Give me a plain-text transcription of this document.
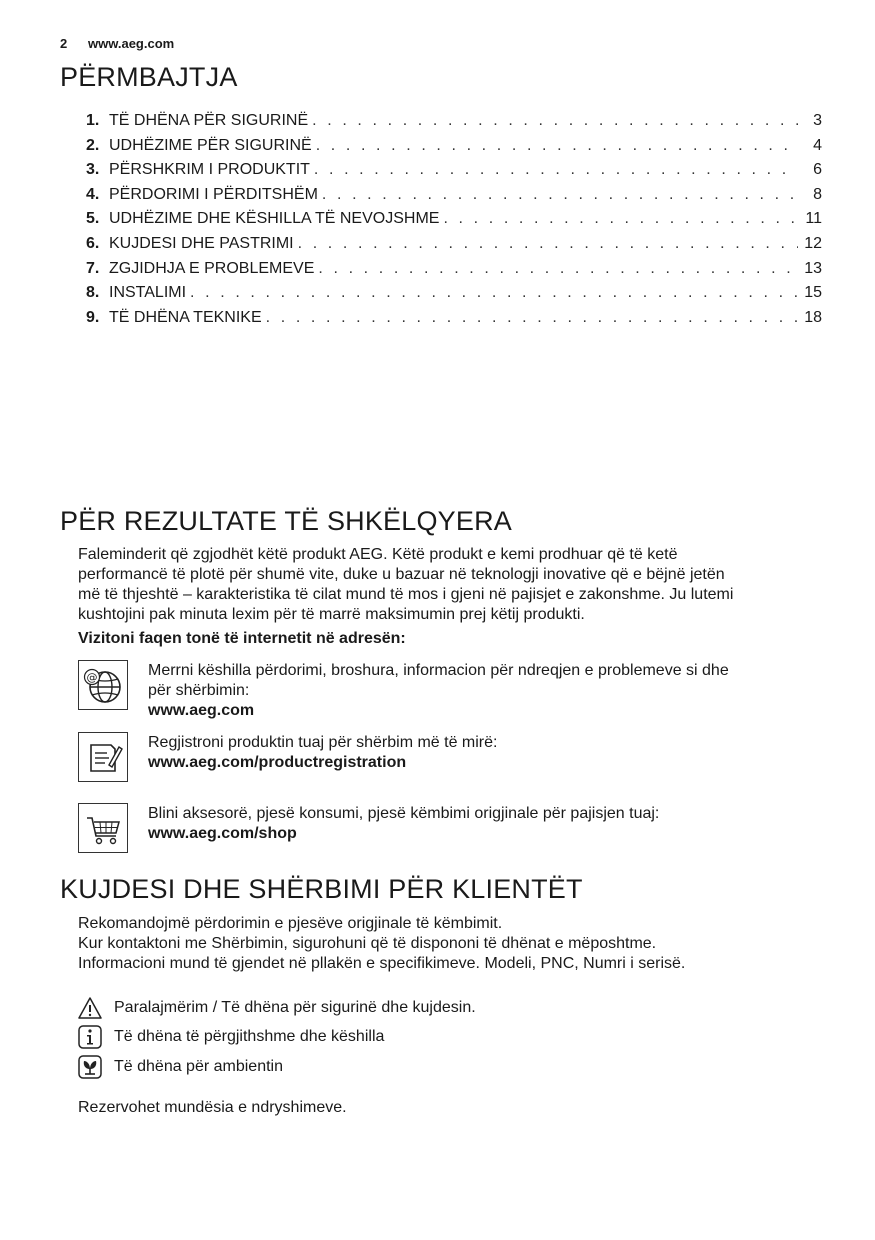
2 www.aeg.com
PËRMBAJTJA
1. TË DHËNA PËR SIGURINË . . .	3
2. UDHËZIME PËR SIGURINË . . .	4
3. PËRSHKRIM I PRODUKTIT . . .	6
4. PËRDORIMI I PËRDITSHËM . . .	8
5. UDHËZIME DHE KËSHILLA TË NEVOJSHME . . .	11
6. KUJDESI DHE PASTRIMI . . .	12
7. ZGJIDHJA E PROBLEMEVE . . .	13
8. INSTALIMI . . .	15
9. TË DHËNA TEKNIKE . . .	18
PËR REZULTATE TË SHKËLQYERA
Faleminderit që zgjodhët këtë produkt AEG. Këtë produkt e kemi prodhuar që të ketë
performancë të plotë për shumë vite, duke u bazuar në teknologji inovative që e bëjnë jetën
më të thjeshtë – karakteristika të cilat mund të mos i gjeni në pajisjet e zakonshme. Ju lutemi
kushtojini pak minuta lexim për të marrë maksimumin prej këtij produkti.
Vizitoni faqen tonë të internetit në adresën:
@	Merrni këshilla përdorimi, broshura, informacion për ndreqjen e problemeve si dhe
për shërbimin:
www.aeg.com
Regjistroni produktin tuaj për shërbim më të mirë:
www.aeg.com/productregistration
Blini aksesorë, pjesë konsumi, pjesë këmbimi origjinale për pajisjen tuaj:
www.aeg.com/shop
KUJDESI DHE SHËRBIMI PËR KLIENTËT
Rekomandojmë përdorimin e pjesëve origjinale të këmbimit.
Kur kontaktoni me Shërbimin, sigurohuni që të dispononi të dhënat e mëposhtme.
Informacioni mund të gjendet në pllakën e specifikimeve. Modeli, PNC, Numri i serisë.
Paralajmërim / Të dhëna për sigurinë dhe kujdesin.
Të dhëna të përgjithshme dhe këshilla
Të dhëna për ambientin
Rezervohet mundësia e ndryshimeve.
